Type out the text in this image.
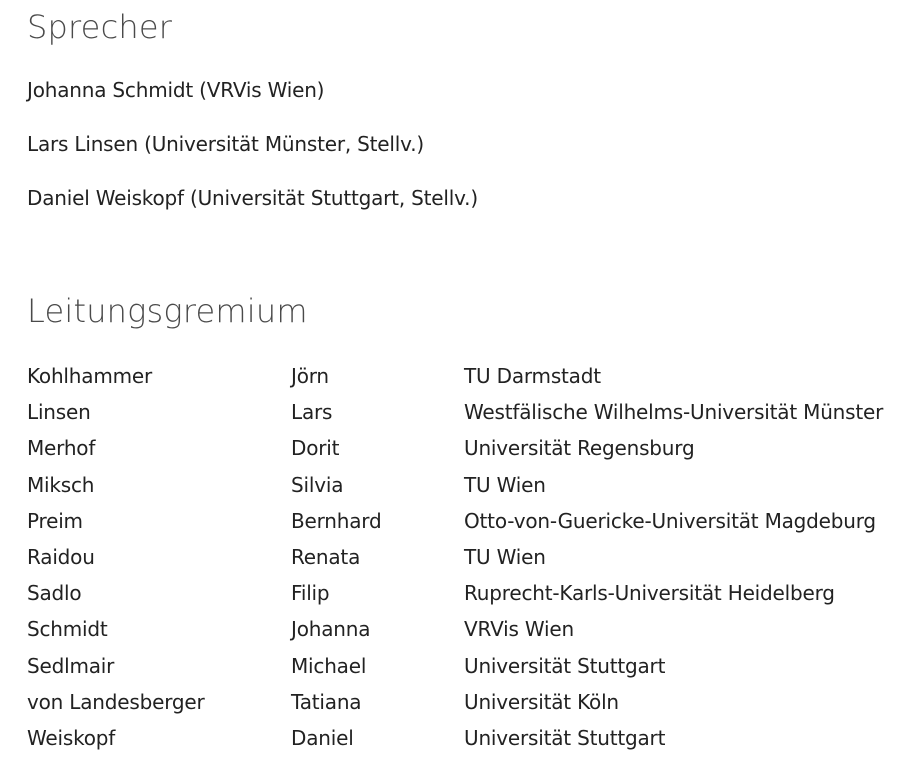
Sprecher
Johanna Schmidt (VRVis Wien)
Lars Linsen (Universität Münster, Stellv.)
Daniel Weiskopf (Universität Stuttgart, Stellv.)
Leitungsgremium
Kohlhammer	Jörn	TU Darmstadt
Linsen	Lars	Westfälische Wilhelms-Universität Münster
Merhof	Dorit	Universität Regensburg
Miksch	Silvia	TU Wien
Preim	Bernhard	Otto-von-Guericke-Universität Magdeburg
Raidou	Renata	TU Wien
Sadlo	Filip	Ruprecht-Karls-Universität Heidelberg
Schmidt	Johanna	VRVis Wien
Sedlmair	Michael	Universität Stuttgart
von Landesberger	Tatiana	Universität Köln
Weiskopf	Daniel	Universität Stuttgart
